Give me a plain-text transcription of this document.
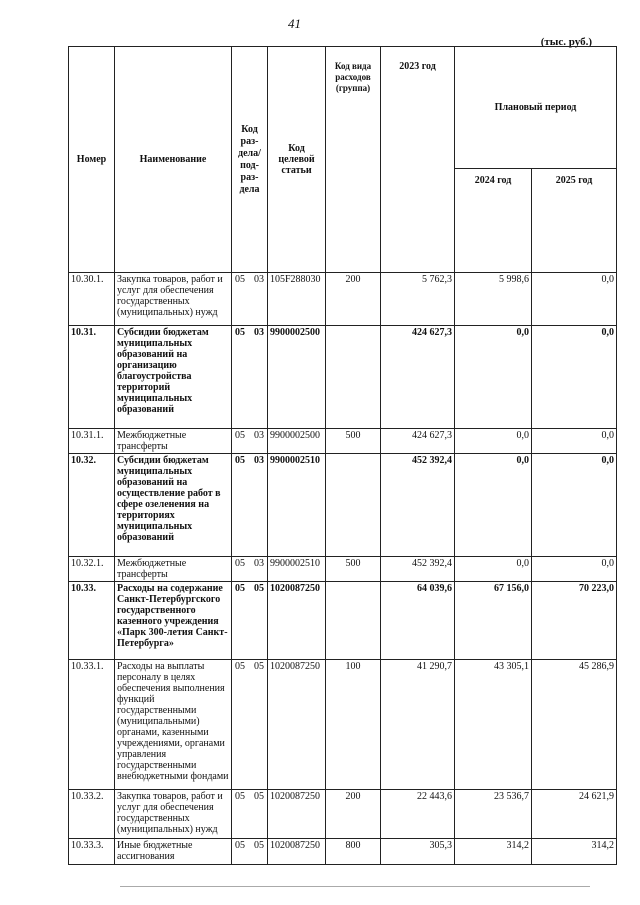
41
(тыс. руб.)
Номер	Наименование	Код раз-дела/ под-раз-дела	Код целевой статьи	Код вида расходов (группа)	2023 год	Плановый период	
						2024 год	2025 год
10.30.1.	Закупка товаров, работ и услуг для обеспечения государственных (муниципальных) нужд	05 03	105F288030	200	5 762,3	5 998,6	0,0
10.31.	Субсидии бюджетам муниципальных образований на организацию благоустройства территорий муниципальных образований	05 03	9900002500		424 627,3	0,0	0,0
10.31.1.	Межбюджетные трансферты	05 03	9900002500	500	424 627,3	0,0	0,0
10.32.	Субсидии бюджетам муниципальных образований на осуществление работ в сфере озеленения на территориях муниципальных образований	05 03	9900002510		452 392,4	0,0	0,0
10.32.1.	Межбюджетные трансферты	05 03	9900002510	500	452 392,4	0,0	0,0
10.33.	Расходы на содержание Санкт-Петербургского государственного казенного учреждения «Парк 300-летия Санкт-Петербурга»	05 05	1020087250		64 039,6	67 156,0	70 223,0
10.33.1.	Расходы на выплаты персоналу в целях обеспечения выполнения функций государственными (муниципальными) органами, казенными учреждениями, органами управления государственными внебюджетными фондами	05 05	1020087250	100	41 290,7	43 305,1	45 286,9
10.33.2.	Закупка товаров, работ и услуг для обеспечения государственных (муниципальных) нужд	05 05	1020087250	200	22 443,6	23 536,7	24 621,9
10.33.3.	Иные бюджетные ассигнования	05 05	1020087250	800	305,3	314,2	314,2
